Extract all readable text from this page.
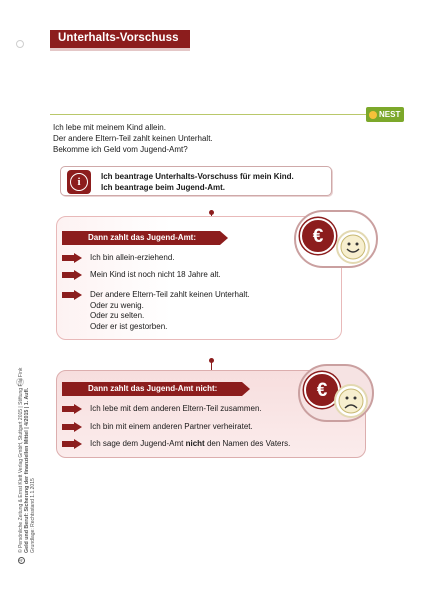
Unterhalts-Vorschuss
NEST
Ich lebe mit meinem Kind allein.
Der andere Eltern-Teil zahlt keinen Unterhalt.
Bekomme ich Geld vom Jugend-Amt?
i	Ich beantrage Unterhalts-Vorschuss für mein Kind.
Ich beantrage beim Jugend-Amt.
Dann zahlt das Jugend-Amt:	€
Ich bin allein-erziehend.
Mein Kind ist noch nicht 18 Jahre alt.
Der andere Eltern-Teil zahlt keinen Unterhalt.
Oder zu wenig.
Oder zu selten.
Oder er ist gestorben.
Dann zahlt das Jugend-Amt nicht:	€
Ich lebe mit dem anderen Eltern-Teil zusammen.
Ich bin mit einem anderen Partner verheiratet.
Ich sage dem Jugend-Amt nicht den Namen des Vaters.
4
© Persönliche Zeitung & Ernst Klett Verlag GmbH, Stuttgart 2015 | Stiftung Fila Fink Geld und Beruf: Sicherung der finanziellen Mittel | 4/2015 | 1. Aufl. Grundlage: Rechtsstand 1.1.2015
